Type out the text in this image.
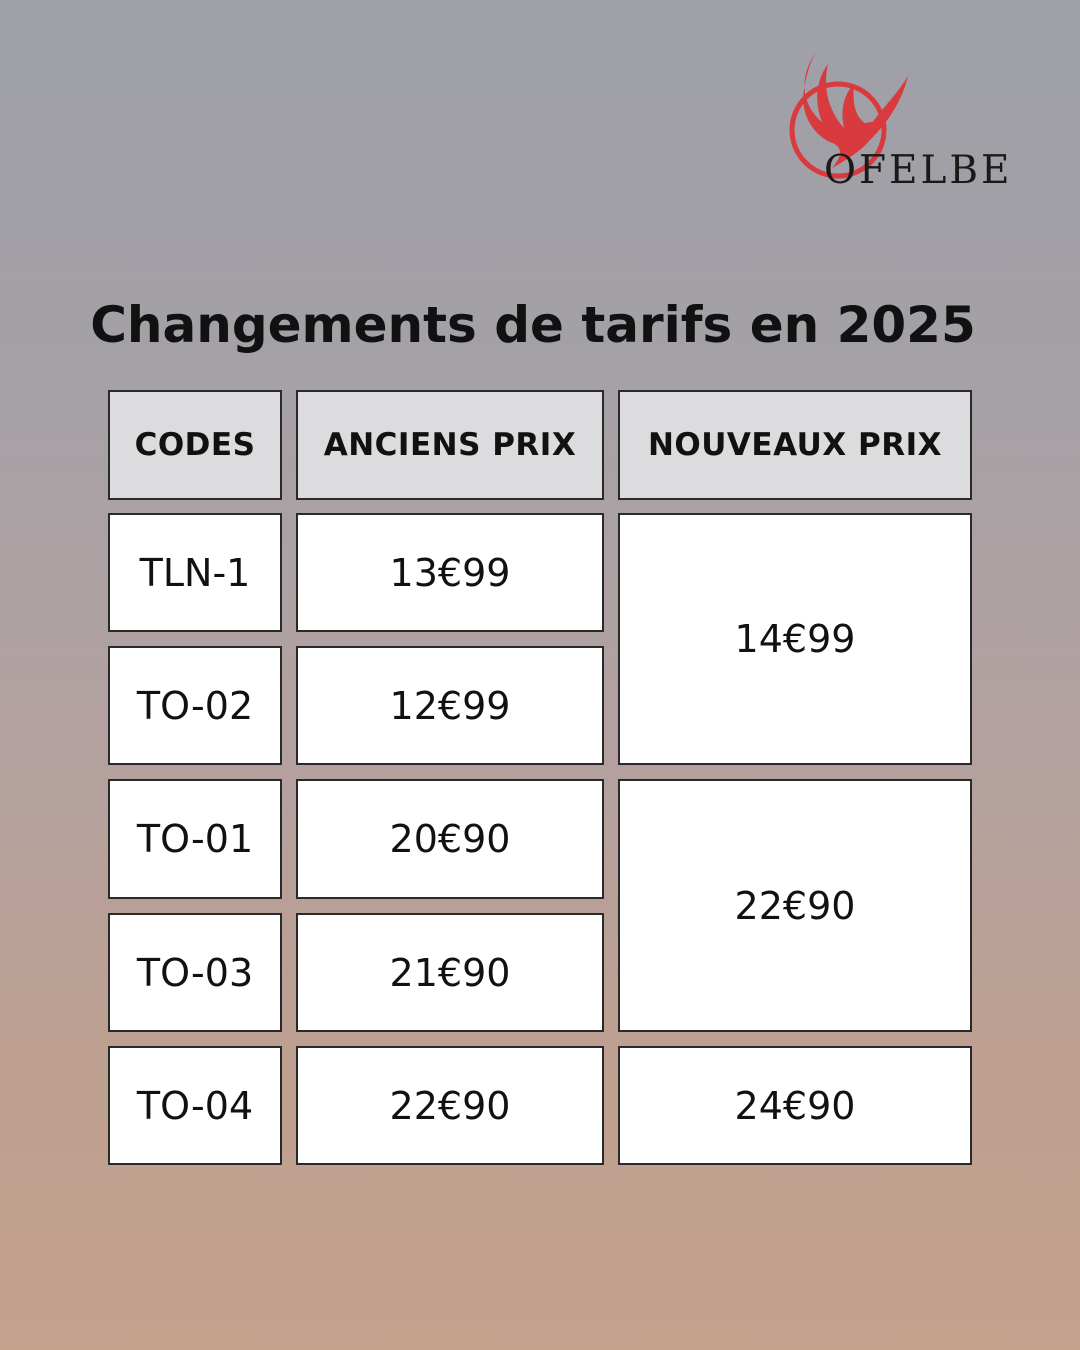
OFELBE
Changements de tarifs en 2025
CODES	ANCIENS PRIX	NOUVEAUX PRIX
TLN-1	13€99
TO-02	12€99
14€99
TO-01	20€90
TO-03	21€90
22€90
TO-04	22€90	24€90
